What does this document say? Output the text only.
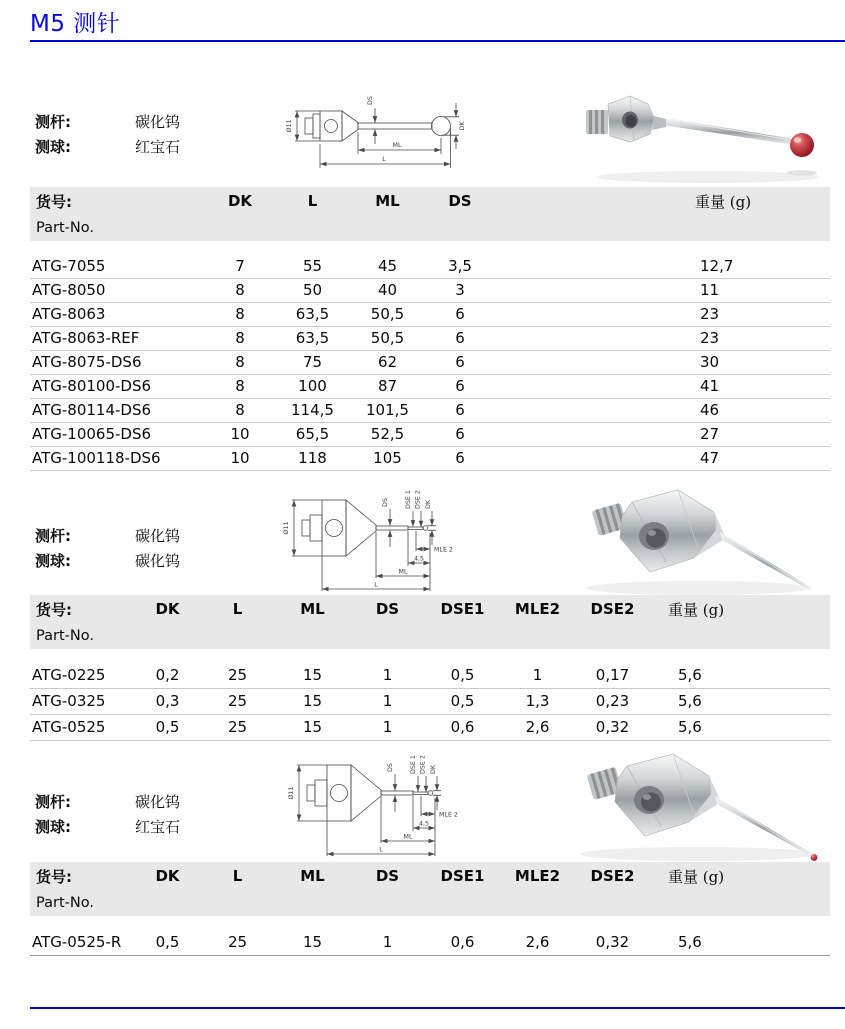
M5 测针
测杆:	碳化钨
测球:	红宝石
Ø11
DS
DK
ML
L
货号:	DK	L	ML	DS	重量 (g)
Part-No.					

ATG-7055	7	55	45	3,5	12,7
ATG-8050	8	50	40	3	11
ATG-8063	8	63,5	50,5	6	23
ATG-8063-REF	8	63,5	50,5	6	23
ATG-8075-DS6	8	75	62	6	30
ATG-80100-DS6	8	100	87	6	41
ATG-80114-DS6	8	114,5	101,5	6	46
ATG-10065-DS6	10	65,5	52,5	6	27
ATG-100118-DS6	10	118	105	6	47
测杆:	碳化钨
测球:	碳化钨
Ø11
DS	DSE 1 DSE 2 DK
MLE 2
4,5
ML
L
货号:	DK	L	ML	DS	DSE1	MLE2	DSE2	重量 (g)
Part-No.								

ATG-0225	0,2	25	15	1	0,5	1	0,17	5,6
ATG-0325	0,3	25	15	1	0,5	1,3	0,23	5,6
ATG-0525	0,5	25	15	1	0,6	2,6	0,32	5,6
测杆:	碳化钨
测球:	红宝石
Ø11
DS	DSE 1 DSE 2 DK
MLE 2
4,5
ML
L
货号:	DK	L	ML	DS	DSE1	MLE2	DSE2	重量 (g)
Part-No.								

ATG-0525-R	0,5	25	15	1	0,6	2,6	0,32	5,6
